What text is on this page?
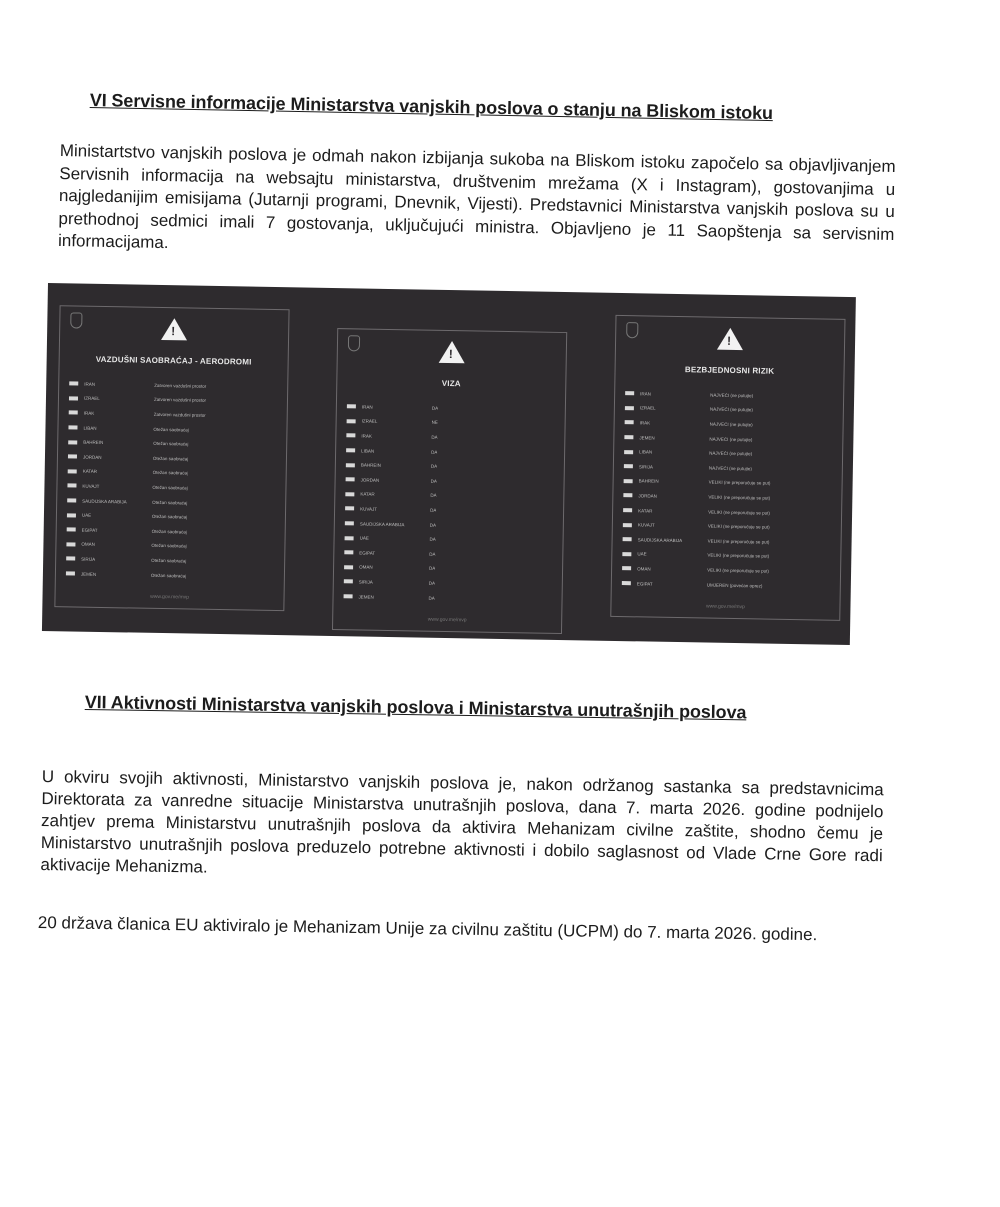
VI Servisne informacije Ministarstva vanjskih poslova o stanju na Bliskom istoku
Ministartstvo vanjskih poslova je odmah nakon izbijanja sukoba na Bliskom istoku započelo sa objavljivanjem Servisnih informacija na websajtu ministarstva, društvenim mrežama (X i Instagram), gostovanjima u najgledanijim emisijama (Jutarnji programi, Dnevnik, Vijesti). Predstavnici Ministarstva vanjskih poslova su u prethodnoj sedmici imali 7 gostovanja, uključujući ministra. Objavljeno je 11 Saopštenja sa servisnim informacijama.
!
VAZDUŠNI SAOBRAĆAJ - AERODROMI
IRAN	Zatvoren vazdušni prostor
IZRAEL	Zatvoren vazdušni prostor
IRAK	Zatvoren vazdušni prostor
LIBAN	Otežan saobraćaj
BAHREIN	Otežan saobraćaj
JORDAN	Otežan saobraćaj
KATAR	Otežan saobraćaj
KUVAJT	Otežan saobraćaj
SAUDIJSKA ARABIJA	Otežan saobraćaj
UAE	Otežan saobraćaj
EGIPAT	Otežan saobraćaj
OMAN	Otežan saobraćaj
SIRIJA	Otežan saobraćaj
JEMEN	Otežan saobraćaj
www.gov.me/mvp
!
VIZA
IRAN	DA
IZRAEL	NE
IRAK	DA
LIBAN	DA
BAHREIN	DA
JORDAN	DA
KATAR	DA
KUVAJT	DA
SAUDIJSKA ARABIJA	DA
UAE	DA
EGIPAT	DA
OMAN	DA
SIRIJA	DA
JEMEN	DA
www.gov.me/mvp
!
BEZBJEDNOSNI RIZIK
IRAN	NAJVEĆI (ne putujte)
IZRAEL	NAJVEĆI (ne putujte)
IRAK	NAJVEĆI (ne putujte)
JEMEN	NAJVEĆI (ne putujte)
LIBAN	NAJVEĆI (ne putujte)
SIRIJA	NAJVEĆI (ne putujte)
BAHREIN	VELIKI (ne preporučuje se put)
JORDAN	VELIKI (ne preporučuje se put)
KATAR	VELIKI (ne preporučuje se put)
KUVAJT	VELIKI (ne preporučuje se put)
SAUDIJSKA ARABIJA	VELIKI (ne preporučuje se put)
UAE	VELIKI (ne preporučuje se put)
OMAN	VELIKI (ne preporučuje se put)
EGIPAT	UMJEREN (povećan oprez)
www.gov.me/mvp
VII Aktivnosti Ministarstva vanjskih poslova i Ministarstva unutrašnjih poslova
U okviru svojih aktivnosti, Ministarstvo vanjskih poslova je, nakon održanog sastanka sa predstavnicima Direktorata za vanredne situacije Ministarstva unutrašnjih poslova, dana 7. marta 2026. godine podnijelo zahtjev prema Ministarstvu unutrašnjih poslova da aktivira Mehanizam civilne zaštite, shodno čemu je Ministarstvo unutrašnjih poslova preduzelo potrebne aktivnosti i dobilo saglasnost od Vlade Crne Gore radi aktivacije Mehanizma.
20 država članica EU aktiviralo je Mehanizam Unije za civilnu zaštitu (UCPM) do 7. marta 2026. godine.
